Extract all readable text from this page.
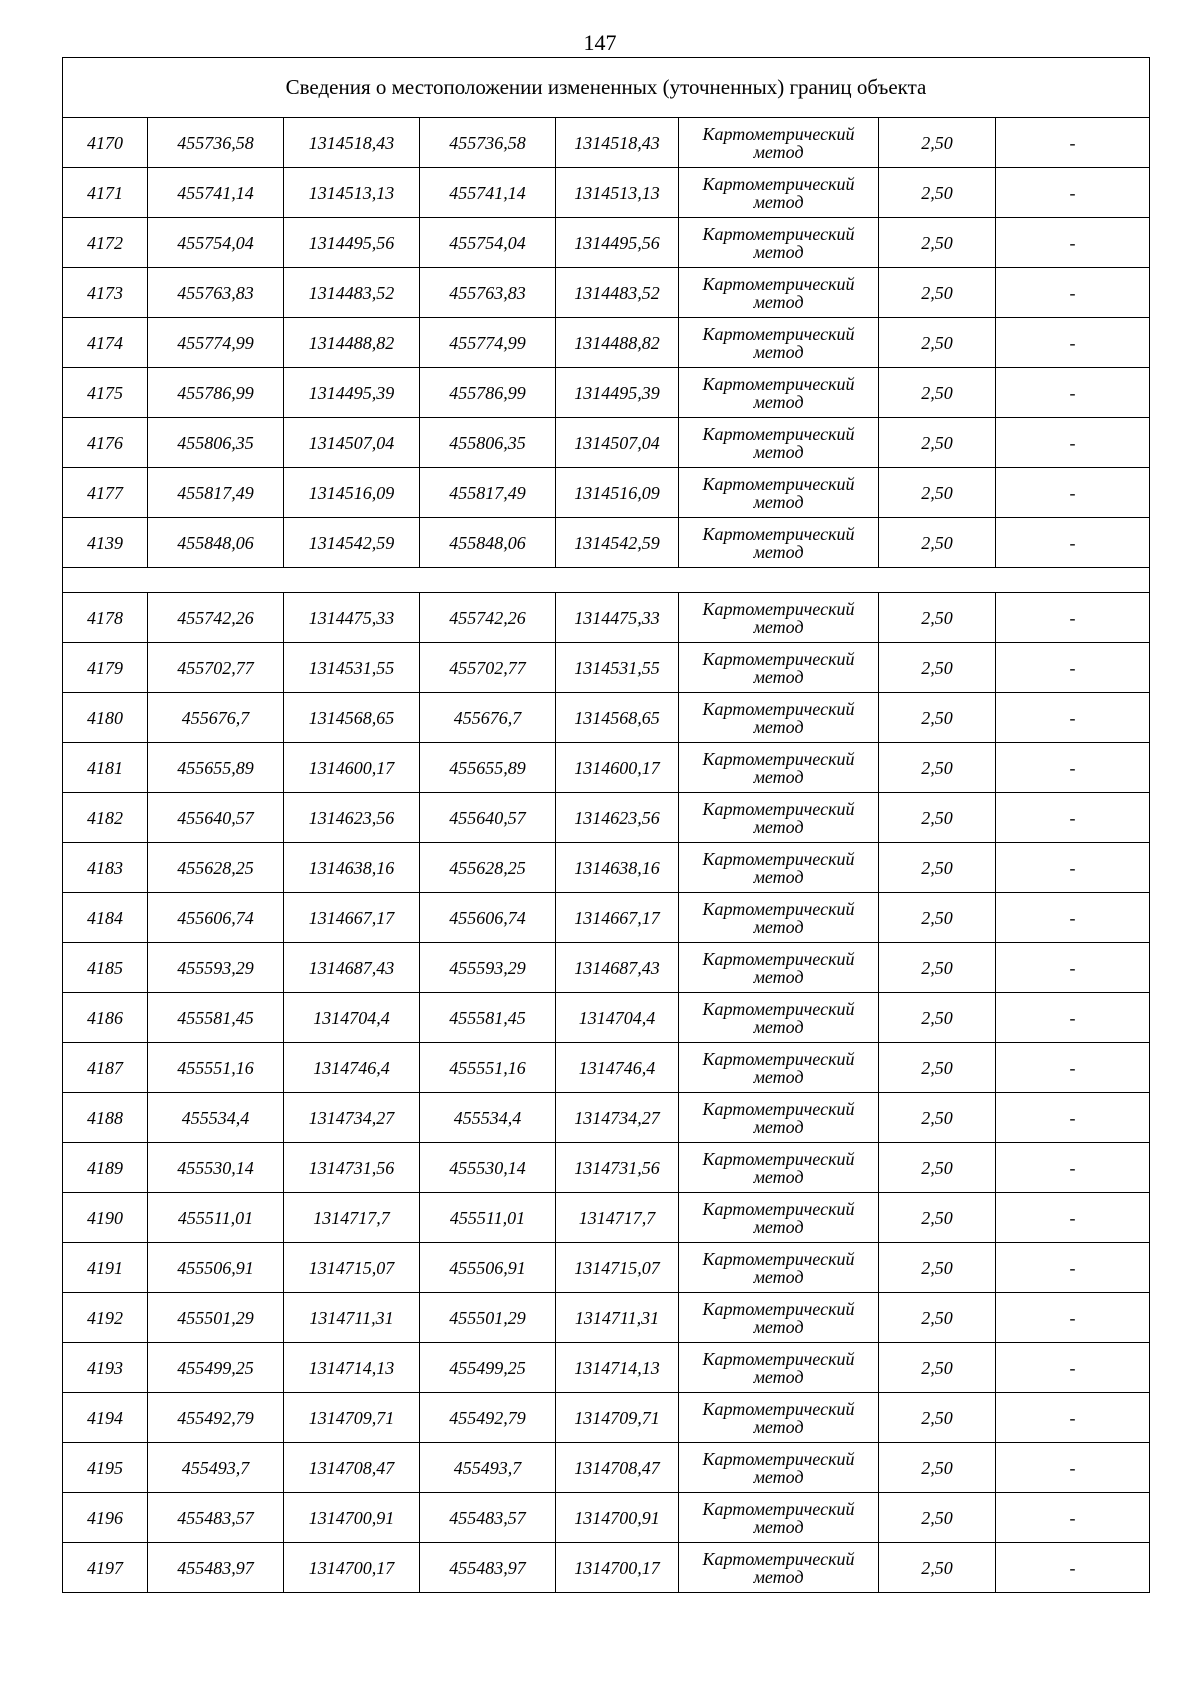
147
Сведения о местоположении измененных (уточненных) границ объекта							
4170	455736,58	1314518,43	455736,58	1314518,43	Картометрический метод	2,50	-
4171	455741,14	1314513,13	455741,14	1314513,13	Картометрический метод	2,50	-
4172	455754,04	1314495,56	455754,04	1314495,56	Картометрический метод	2,50	-
4173	455763,83	1314483,52	455763,83	1314483,52	Картометрический метод	2,50	-
4174	455774,99	1314488,82	455774,99	1314488,82	Картометрический метод	2,50	-
4175	455786,99	1314495,39	455786,99	1314495,39	Картометрический метод	2,50	-
4176	455806,35	1314507,04	455806,35	1314507,04	Картометрический метод	2,50	-
4177	455817,49	1314516,09	455817,49	1314516,09	Картометрический метод	2,50	-
4139	455848,06	1314542,59	455848,06	1314542,59	Картометрический метод	2,50	-

4178	455742,26	1314475,33	455742,26	1314475,33	Картометрический метод	2,50	-
4179	455702,77	1314531,55	455702,77	1314531,55	Картометрический метод	2,50	-
4180	455676,7	1314568,65	455676,7	1314568,65	Картометрический метод	2,50	-
4181	455655,89	1314600,17	455655,89	1314600,17	Картометрический метод	2,50	-
4182	455640,57	1314623,56	455640,57	1314623,56	Картометрический метод	2,50	-
4183	455628,25	1314638,16	455628,25	1314638,16	Картометрический метод	2,50	-
4184	455606,74	1314667,17	455606,74	1314667,17	Картометрический метод	2,50	-
4185	455593,29	1314687,43	455593,29	1314687,43	Картометрический метод	2,50	-
4186	455581,45	1314704,4	455581,45	1314704,4	Картометрический метод	2,50	-
4187	455551,16	1314746,4	455551,16	1314746,4	Картометрический метод	2,50	-
4188	455534,4	1314734,27	455534,4	1314734,27	Картометрический метод	2,50	-
4189	455530,14	1314731,56	455530,14	1314731,56	Картометрический метод	2,50	-
4190	455511,01	1314717,7	455511,01	1314717,7	Картометрический метод	2,50	-
4191	455506,91	1314715,07	455506,91	1314715,07	Картометрический метод	2,50	-
4192	455501,29	1314711,31	455501,29	1314711,31	Картометрический метод	2,50	-
4193	455499,25	1314714,13	455499,25	1314714,13	Картометрический метод	2,50	-
4194	455492,79	1314709,71	455492,79	1314709,71	Картометрический метод	2,50	-
4195	455493,7	1314708,47	455493,7	1314708,47	Картометрический метод	2,50	-
4196	455483,57	1314700,91	455483,57	1314700,91	Картометрический метод	2,50	-
4197	455483,97	1314700,17	455483,97	1314700,17	Картометрический метод	2,50	-
